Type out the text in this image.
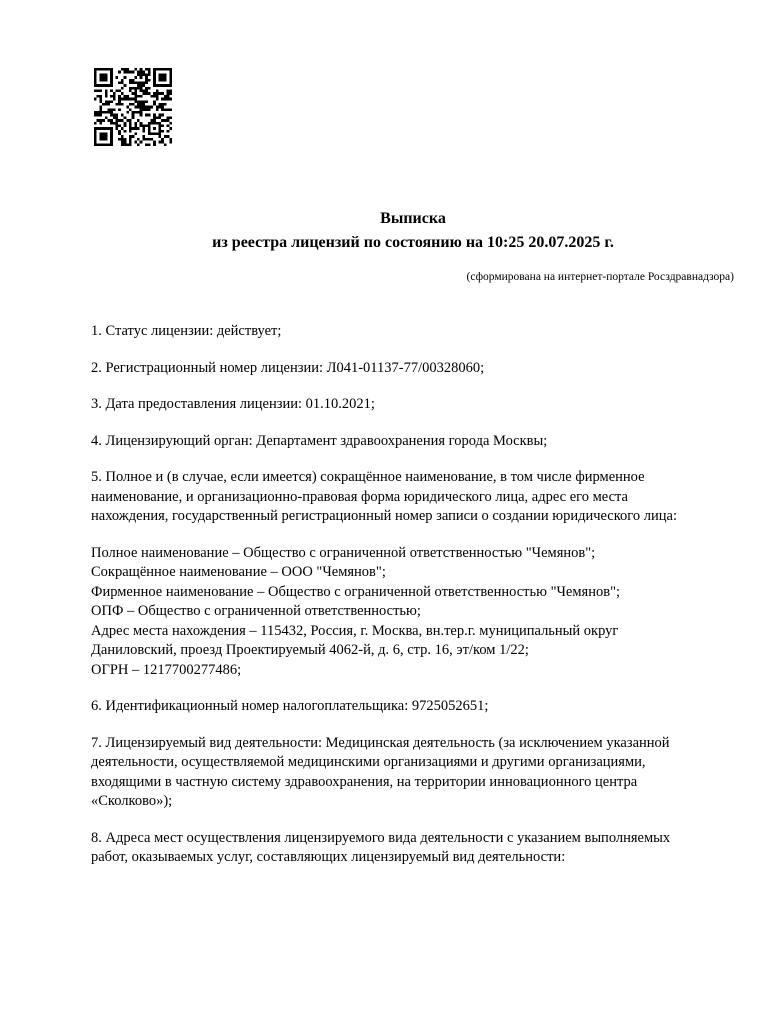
Выписка
из реестра лицензий по состоянию на 10:25 20.07.2025 г.
(сформирована на интернет-портале Росздравнадзора)

1. Статус лицензии: действует;

2. Регистрационный номер лицензии: Л041-01137-77/00328060;

3. Дата предоставления лицензии: 01.10.2021;

4. Лицензирующий орган: Департамент здравоохранения города Москвы;

5. Полное и (в случае, если имеется) сокращённое наименование, в том числе фирменное
наименование, и организационно-правовая форма юридического лица, адрес его места
нахождения, государственный регистрационный номер записи о создании юридического лица:

Полное наименование – Общество с ограниченной ответственностью "Чемянов";
Сокращённое наименование – ООО "Чемянов";
Фирменное наименование – Общество с ограниченной ответственностью "Чемянов";
ОПФ – Общество с ограниченной ответственностью;
Адрес места нахождения – 115432, Россия, г. Москва, вн.тер.г. муниципальный округ
Даниловский, проезд Проектируемый 4062-й, д. 6, стр. 16, эт/ком 1/22;
ОГРН – 1217700277486;

6. Идентификационный номер налогоплательщика: 9725052651;

7. Лицензируемый вид деятельности: Медицинская деятельность (за исключением указанной
деятельности, осуществляемой медицинскими организациями и другими организациями,
входящими в частную систему здравоохранения, на территории инновационного центра
«Сколково»);

8. Адреса мест осуществления лицензируемого вида деятельности с указанием выполняемых
работ, оказываемых услуг, составляющих лицензируемый вид деятельности:
